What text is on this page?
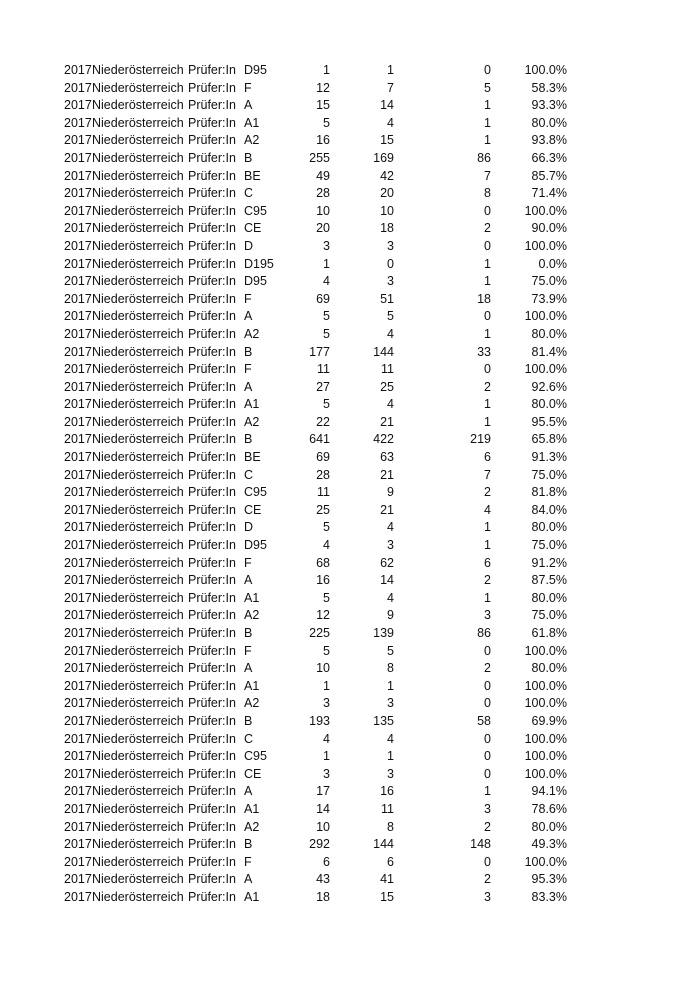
2017 Niederösterreich Prüfer:In D95	1	1	0	100.0%
2017 Niederösterreich Prüfer:In F	12	7	5	58.3%
2017 Niederösterreich Prüfer:In A	15	14	1	93.3%
2017 Niederösterreich Prüfer:In A1	5	4	1	80.0%
2017 Niederösterreich Prüfer:In A2	16	15	1	93.8%
2017 Niederösterreich Prüfer:In B	255	169	86	66.3%
2017 Niederösterreich Prüfer:In BE	49	42	7	85.7%
2017 Niederösterreich Prüfer:In C	28	20	8	71.4%
2017 Niederösterreich Prüfer:In C95	10	10	0	100.0%
2017 Niederösterreich Prüfer:In CE	20	18	2	90.0%
2017 Niederösterreich Prüfer:In D	3	3	0	100.0%
2017 Niederösterreich Prüfer:In D195	1	0	1	0.0%
2017 Niederösterreich Prüfer:In D95	4	3	1	75.0%
2017 Niederösterreich Prüfer:In F	69	51	18	73.9%
2017 Niederösterreich Prüfer:In A	5	5	0	100.0%
2017 Niederösterreich Prüfer:In A2	5	4	1	80.0%
2017 Niederösterreich Prüfer:In B	177	144	33	81.4%
2017 Niederösterreich Prüfer:In F	11	11	0	100.0%
2017 Niederösterreich Prüfer:In A	27	25	2	92.6%
2017 Niederösterreich Prüfer:In A1	5	4	1	80.0%
2017 Niederösterreich Prüfer:In A2	22	21	1	95.5%
2017 Niederösterreich Prüfer:In B	641	422	219	65.8%
2017 Niederösterreich Prüfer:In BE	69	63	6	91.3%
2017 Niederösterreich Prüfer:In C	28	21	7	75.0%
2017 Niederösterreich Prüfer:In C95	11	9	2	81.8%
2017 Niederösterreich Prüfer:In CE	25	21	4	84.0%
2017 Niederösterreich Prüfer:In D	5	4	1	80.0%
2017 Niederösterreich Prüfer:In D95	4	3	1	75.0%
2017 Niederösterreich Prüfer:In F	68	62	6	91.2%
2017 Niederösterreich Prüfer:In A	16	14	2	87.5%
2017 Niederösterreich Prüfer:In A1	5	4	1	80.0%
2017 Niederösterreich Prüfer:In A2	12	9	3	75.0%
2017 Niederösterreich Prüfer:In B	225	139	86	61.8%
2017 Niederösterreich Prüfer:In F	5	5	0	100.0%
2017 Niederösterreich Prüfer:In A	10	8	2	80.0%
2017 Niederösterreich Prüfer:In A1	1	1	0	100.0%
2017 Niederösterreich Prüfer:In A2	3	3	0	100.0%
2017 Niederösterreich Prüfer:In B	193	135	58	69.9%
2017 Niederösterreich Prüfer:In C	4	4	0	100.0%
2017 Niederösterreich Prüfer:In C95	1	1	0	100.0%
2017 Niederösterreich Prüfer:In CE	3	3	0	100.0%
2017 Niederösterreich Prüfer:In A	17	16	1	94.1%
2017 Niederösterreich Prüfer:In A1	14	11	3	78.6%
2017 Niederösterreich Prüfer:In A2	10	8	2	80.0%
2017 Niederösterreich Prüfer:In B	292	144	148	49.3%
2017 Niederösterreich Prüfer:In F	6	6	0	100.0%
2017 Niederösterreich Prüfer:In A	43	41	2	95.3%
2017 Niederösterreich Prüfer:In A1	18	15	3	83.3%
